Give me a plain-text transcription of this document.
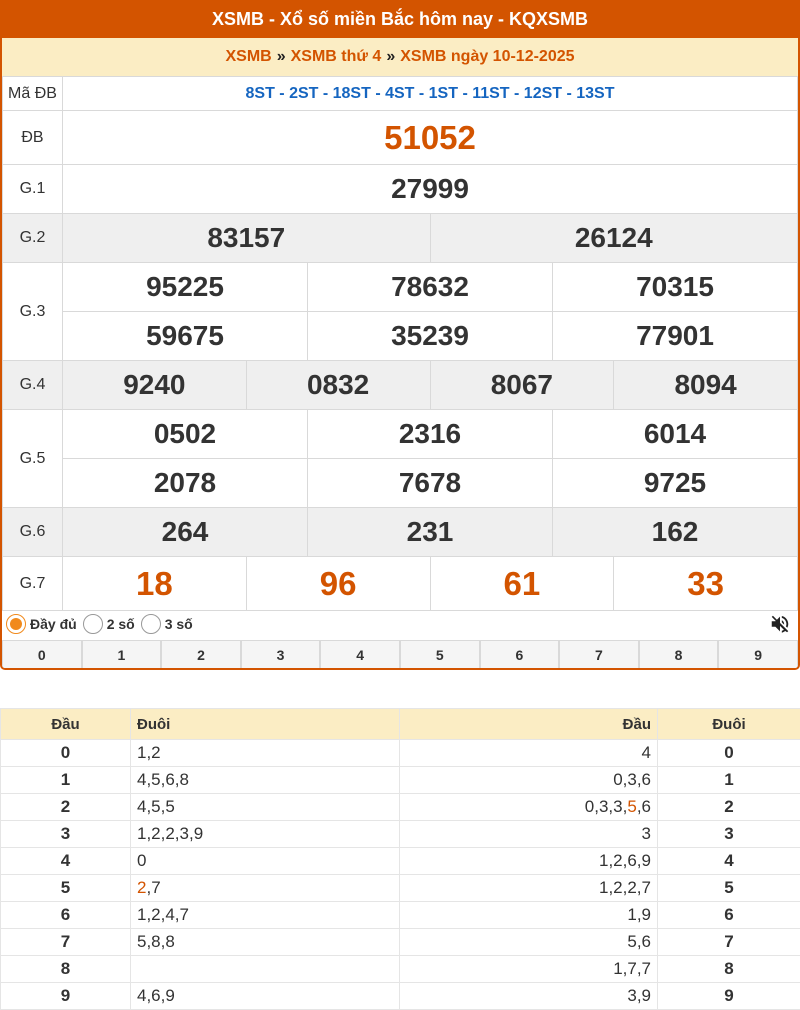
XSMB - Xổ số miền Bắc hôm nay - KQXSMB
XSMB » XSMB thứ 4 » XSMB ngày 10-12-2025
Mã ĐB	8ST - 2ST - 18ST - 4ST - 1ST - 11ST - 12ST - 13ST					
ĐB	51052					
G.1	27999					
G.2	83157			26124		
G.3	95225		78632		70315	
	59675		35239		77901	
G.4	9240	0832		8067		8094
G.5	0502		2316		6014	
	2078		7678		9725	
G.6	264		231		162	
G.7	18	96		61		33
Đầy đủ 2 số 3 số
0	1	2	3	4	5	6	7	8	9
Đầu	Đuôi	Đầu	Đuôi
0	1,2	4	0
1	4,5,6,8	0,3,6	1
2	4,5,5	0,3,3,5,6	2
3	1,2,2,3,9	3	3
4	0	1,2,6,9	4
5	2,7	1,2,2,7	5
6	1,2,4,7	1,9	6
7	5,8,8	5,6	7
8		1,7,7	8
9	4,6,9	3,9	9
